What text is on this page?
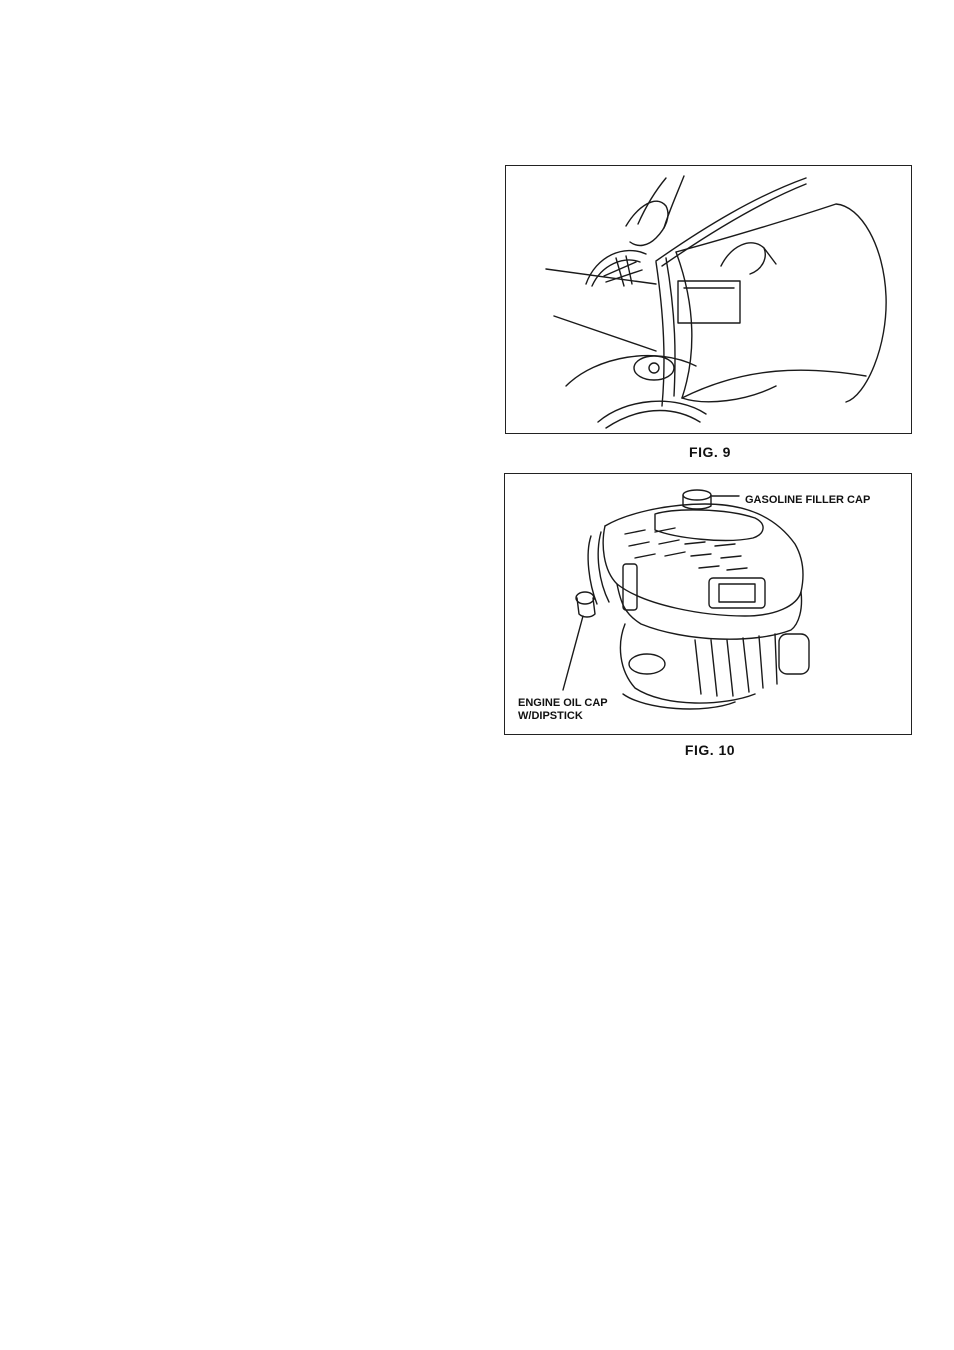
FIG. 9
GASOLINE FILLER CAP
ENGINE OIL CAP
W/DIPSTICK
FIG. 10
